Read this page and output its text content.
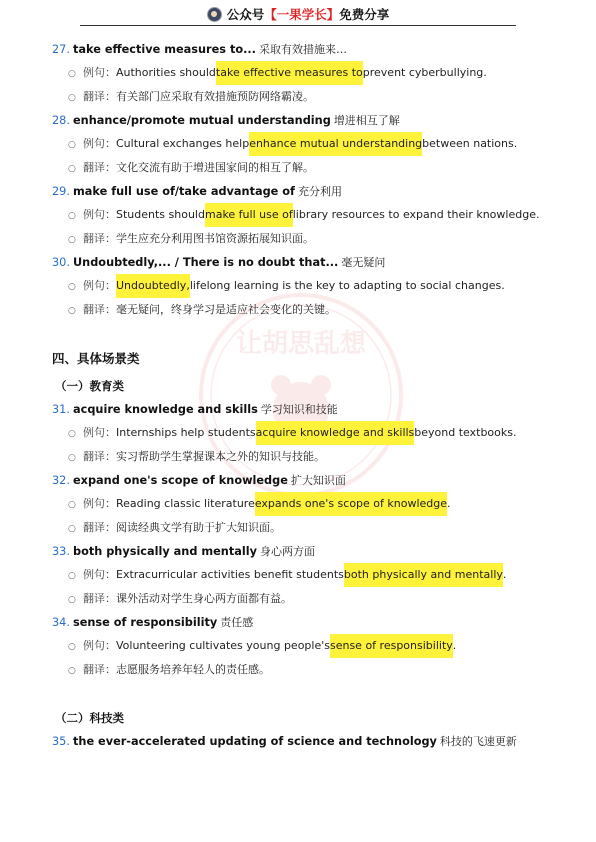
公众号【一果学长】免费分享
让胡思乱想
27. take effective measures to... 采取有效措施来…
○ 例句： Authorities should take effective measures to prevent cyberbullying.
○ 翻译： 有关部门应采取有效措施预防网络霸凌。
28. enhance/promote mutual understanding 增进相互了解
○ 例句： Cultural exchanges help enhance mutual understanding between nations.
○ 翻译： 文化交流有助于增进国家间的相互了解。
29. make full use of/take advantage of 充分利用
○ 例句： Students should make full use of library resources to expand their knowledge.
○ 翻译： 学生应充分利用图书馆资源拓展知识面。
30. Undoubtedly,... / There is no doubt that... 毫无疑问
○ 例句： Undoubtedly, lifelong learning is the key to adapting to social changes.
○ 翻译： 毫无疑问，终身学习是适应社会变化的关键。
四、具体场景类
（一）教育类
31. acquire knowledge and skills 学习知识和技能
○ 例句： Internships help students acquire knowledge and skills beyond textbooks.
○ 翻译： 实习帮助学生掌握课本之外的知识与技能。
32. expand one's scope of knowledge 扩大知识面
○ 例句： Reading classic literature expands one's scope of knowledge .
○ 翻译： 阅读经典文学有助于扩大知识面。
33. both physically and mentally 身心两方面
○ 例句： Extracurricular activities benefit students both physically and mentally .
○ 翻译： 课外活动对学生身心两方面都有益。
34. sense of responsibility 责任感
○ 例句： Volunteering cultivates young people's sense of responsibility .
○ 翻译： 志愿服务培养年轻人的责任感。
（二）科技类
35. the ever-accelerated updating of science and technology 科技的飞速更新
